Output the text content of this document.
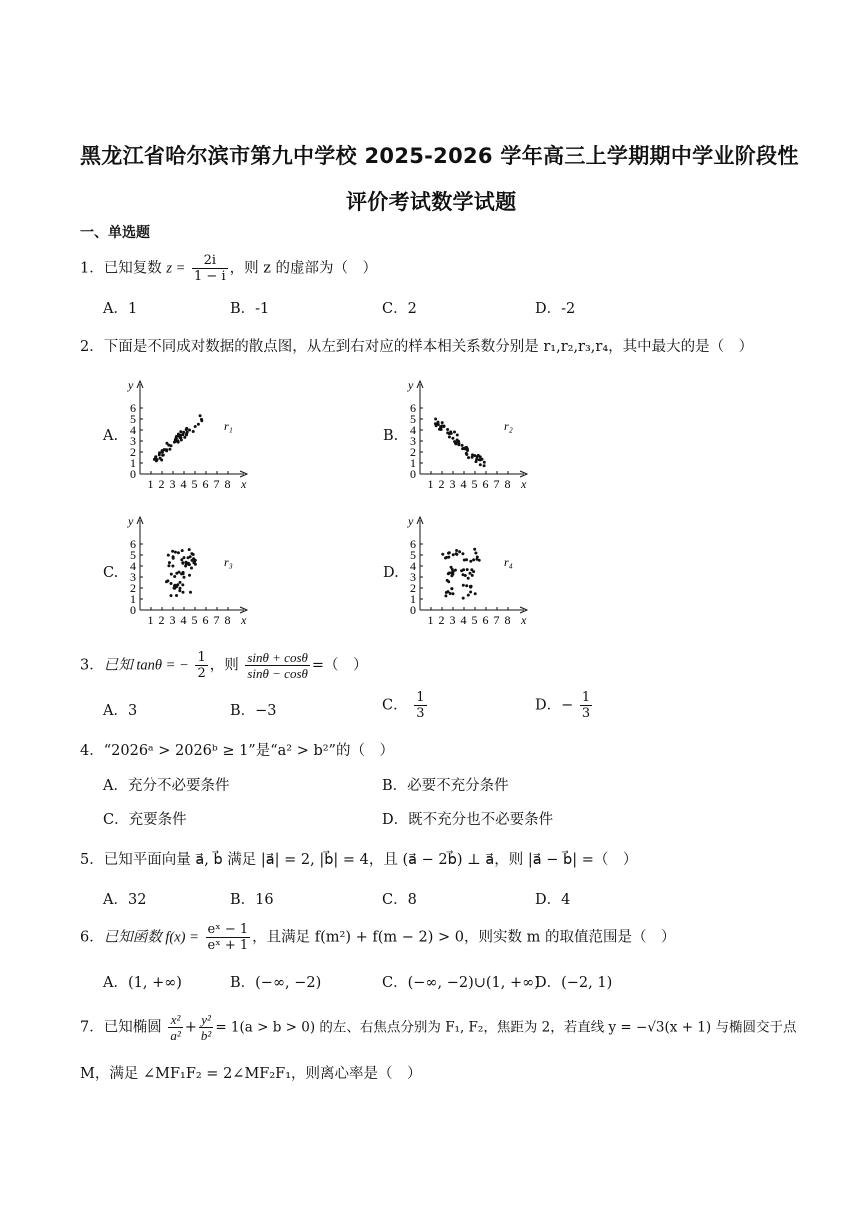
黑龙江省哈尔滨市第九中学校 2025-2026 学年高三上学期期中学业阶段性
评价考试数学试题
一、单选题
1．已知复数 $z = \frac{2i}{1 - i}$ ，则 z 的虚部为（　）
A．1	B．-1	C．2	D．-2
2．下面是不同成对数据的散点图，从左到右对应的样本相关系数分别是 r₁,r₂,r₃,r₄，其中最大的是（　）
A.	B.
C.	D.
y
x
6
5
4
3
2
1
0
1 2 3 4 5 6 7 8
r₁
y
x
6
5
4
3
2
1
0
1 2 3 4 5 6 7 8
r₂
y
x
6
5
4
3
2
1
0
1 2 3 4 5 6 7 8
r₃
y
x
6
5
4
3
2
1
0
1 2 3 4 5 6 7 8
r₄
3．已知 tanθ = − $\frac{1}{2}$ ，则 $\frac{\sin\theta + \cos\theta}{\sin\theta - \cos\theta}$ =（　）
A．3	B．−3	C． $\frac{1}{3}$	D．− $\frac{1}{3}$
4．“2026ᵃ > 2026ᵇ ≥ 1”是“a² > b²”的（　）
A．充分不必要条件	B．必要不充分条件
C．充要条件	D．既不充分也不必要条件
5．已知平面向量 a⃗, b⃗ 满足 |a⃗| = 2, |b⃗| = 4，且 (a⃗ − 2b⃗) ⊥ a⃗，则 |a⃗ − b⃗| =（　）
A．32	B．16	C．8	D．4
6．已知函数 $f(x) = \frac{\text{eˣ − 1}}{\text{eˣ + 1}}$ ，且满足 f(m²) + f(m − 2) > 0，则实数 m 的取值范围是（　）
A．(1, +∞)	B．(−∞, −2)	C．(−∞, −2)∪(1, +∞)
D．(−2, 1)
7．已知椭圆 $\frac{\text{x²}}{\text{a²}} + \frac{\text{y²}}{\text{b²}} = 1(a > b > 0)$ 的左、右焦点分别为 F₁, F₂，焦距为 2，若直线 y = −√3(x + 1) 与椭圆交于点
M，满足 ∠MF₁F₂ = 2∠MF₂F₁，则离心率是（　）
